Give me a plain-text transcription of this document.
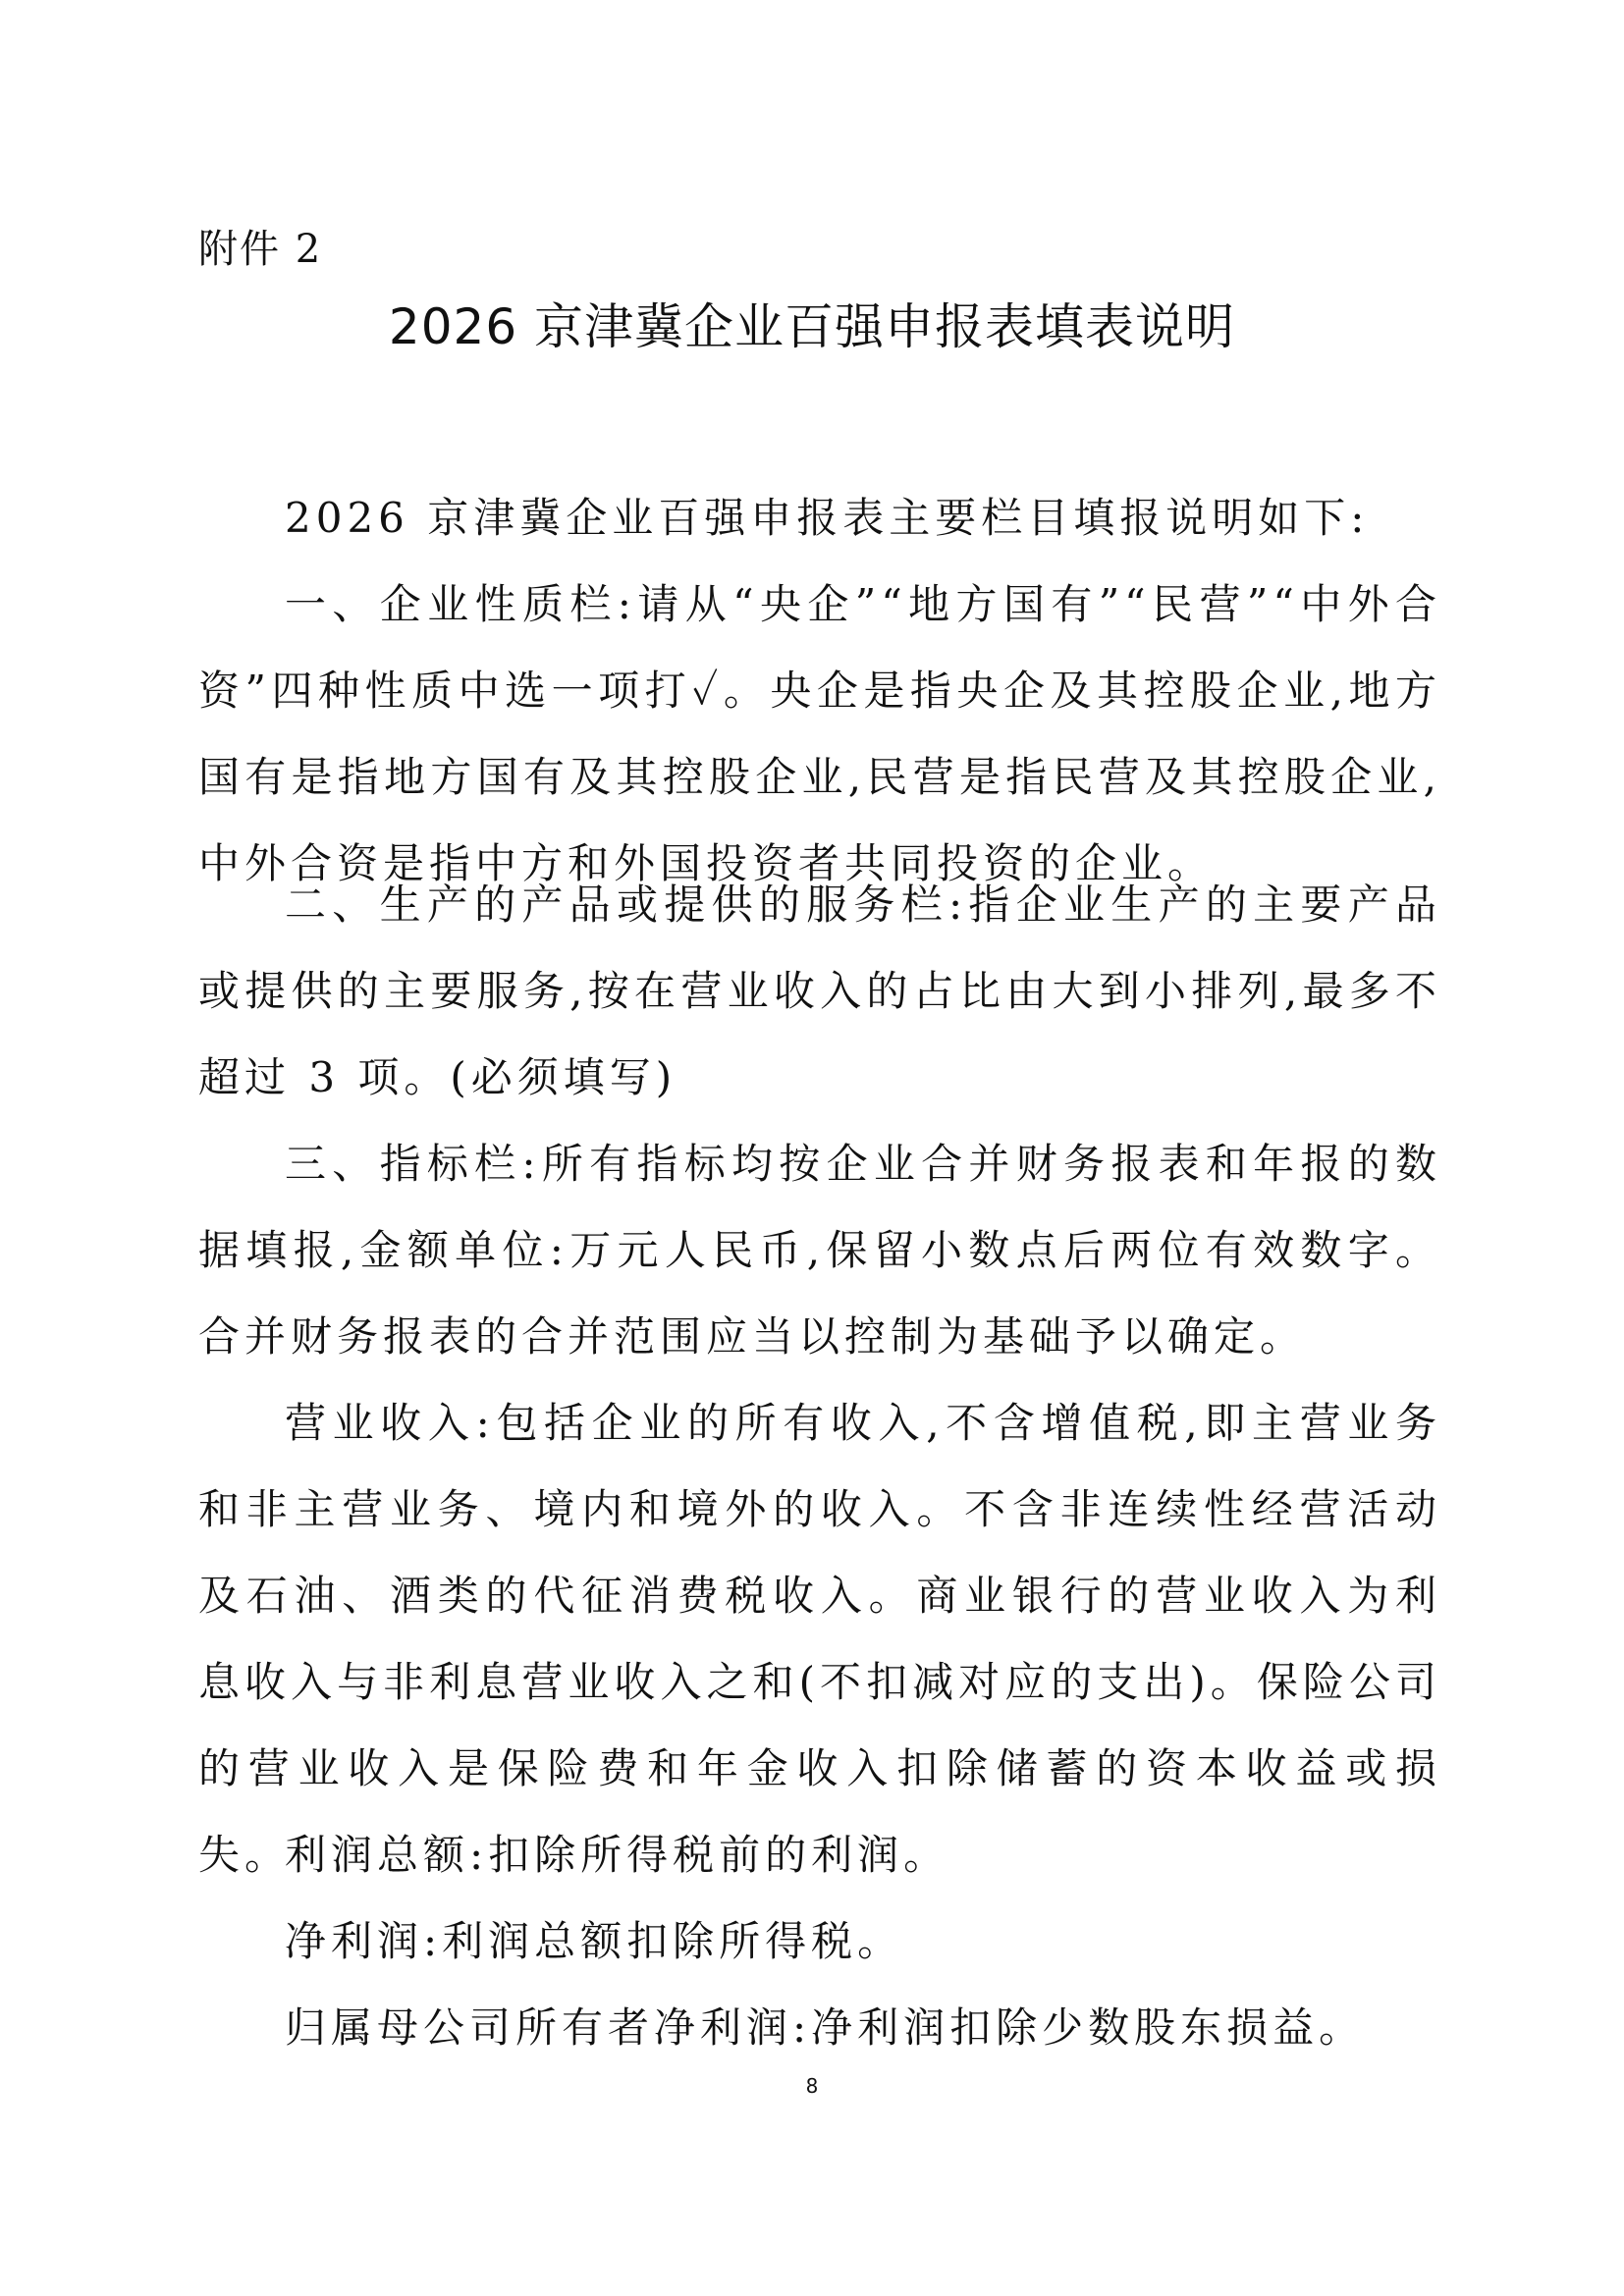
附件 2
2026 京津冀企业百强申报表填表说明

2026 京津冀企业百强申报表主要栏目填报说明如下:

一、企业性质栏:请从“央企”“地方国有”“民营”“中外合资”四种性质中选一项打✓。央企是指央企及其控股企业,地方国有是指地方国有及其控股企业,民营是指民营及其控股企业,中外合资是指中方和外国投资者共同投资的企业。

二、生产的产品或提供的服务栏:指企业生产的主要产品或提供的主要服务,按在营业收入的占比由大到小排列,最多不超过 3 项。(必须填写)

三、指标栏:所有指标均按企业合并财务报表和年报的数据填报,金额单位:万元人民币,保留小数点后两位有效数字。合并财务报表的合并范围应当以控制为基础予以确定。

营业收入:包括企业的所有收入,不含增值税,即主营业务和非主营业务、境内和境外的收入。不含非连续性经营活动及石油、酒类的代征消费税收入。商业银行的营业收入为利息收入与非利息营业收入之和(不扣减对应的支出)。保险公司的营业收入是保险费和年金收入扣除储蓄的资本收益或损失。

利润总额:扣除所得税前的利润。

净利润:利润总额扣除所得税。

归属母公司所有者净利润:净利润扣除少数股东损益。

8
